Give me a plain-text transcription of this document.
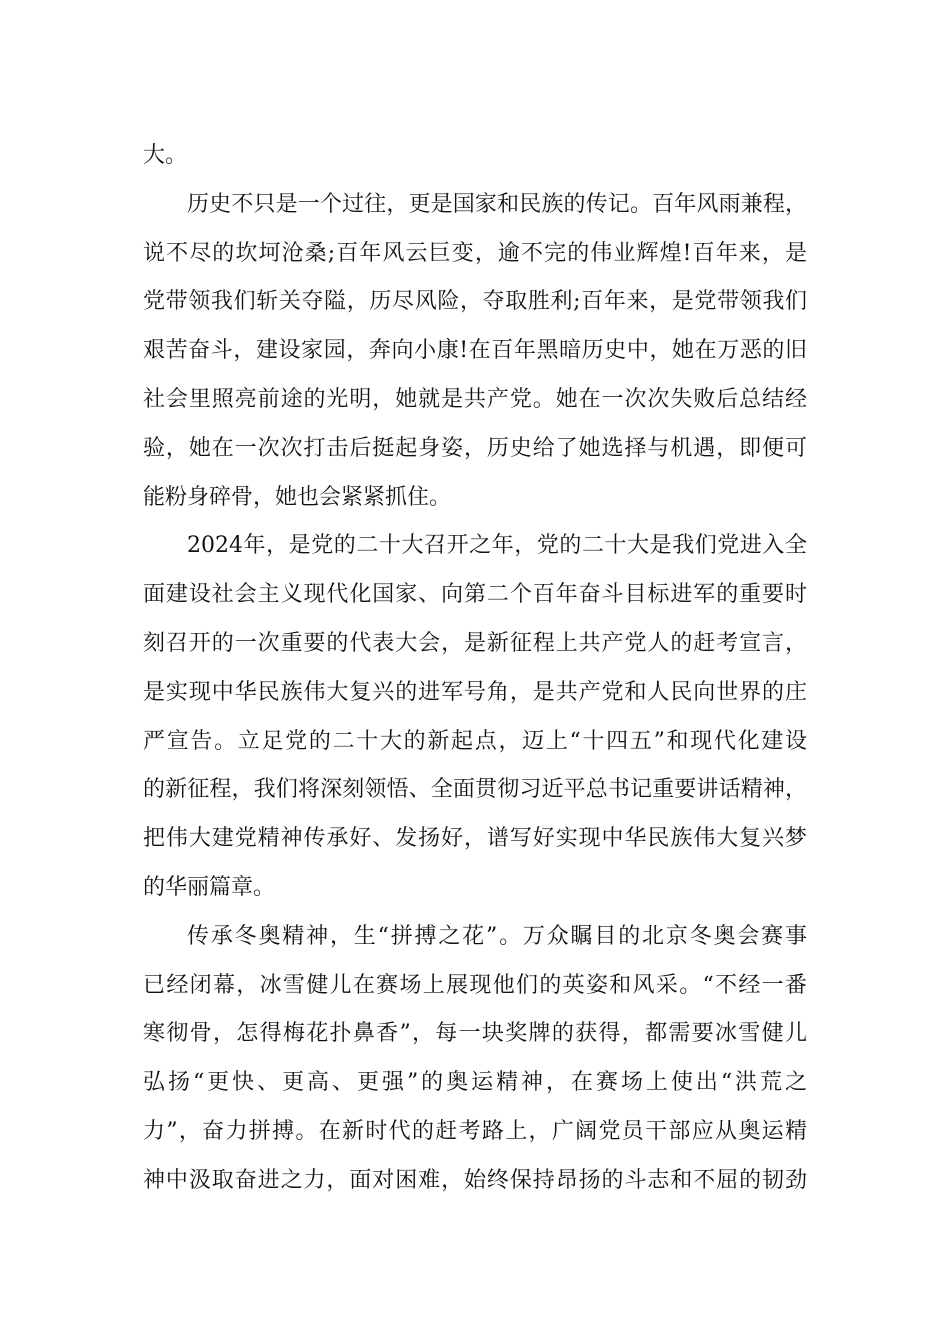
大。
历史不只是一个过往，更是国家和民族的传记。百年风雨兼程，
说不尽的坎坷沧桑;百年风云巨变，逾不完的伟业辉煌!百年来，是
党带领我们斩关夺隘，历尽风险，夺取胜利;百年来，是党带领我们
艰苦奋斗，建设家园，奔向小康!在百年黑暗历史中，她在万恶的旧
社会里照亮前途的光明，她就是共产党。她在一次次失败后总结经
验，她在一次次打击后挺起身姿，历史给了她选择与机遇，即便可
能粉身碎骨，她也会紧紧抓住。
2024年，是党的二十大召开之年，党的二十大是我们党进入全
面建设社会主义现代化国家、向第二个百年奋斗目标进军的重要时
刻召开的一次重要的代表大会，是新征程上共产党人的赶考宣言，
是实现中华民族伟大复兴的进军号角，是共产党和人民向世界的庄
严宣告。立足党的二十大的新起点，迈上“十四五”和现代化建设
的新征程，我们将深刻领悟、全面贯彻习近平总书记重要讲话精神，
把伟大建党精神传承好、发扬好，谱写好实现中华民族伟大复兴梦
的华丽篇章。
传承冬奥精神，生“拼搏之花”。万众瞩目的北京冬奥会赛事
已经闭幕，冰雪健儿在赛场上展现他们的英姿和风采。“不经一番
寒彻骨，怎得梅花扑鼻香”，每一块奖牌的获得，都需要冰雪健儿
弘扬“更快、更高、更强”的奥运精神，在赛场上使出“洪荒之
力”，奋力拼搏。在新时代的赶考路上，广阔党员干部应从奥运精
神中汲取奋进之力，面对困难，始终保持昂扬的斗志和不屈的韧劲
